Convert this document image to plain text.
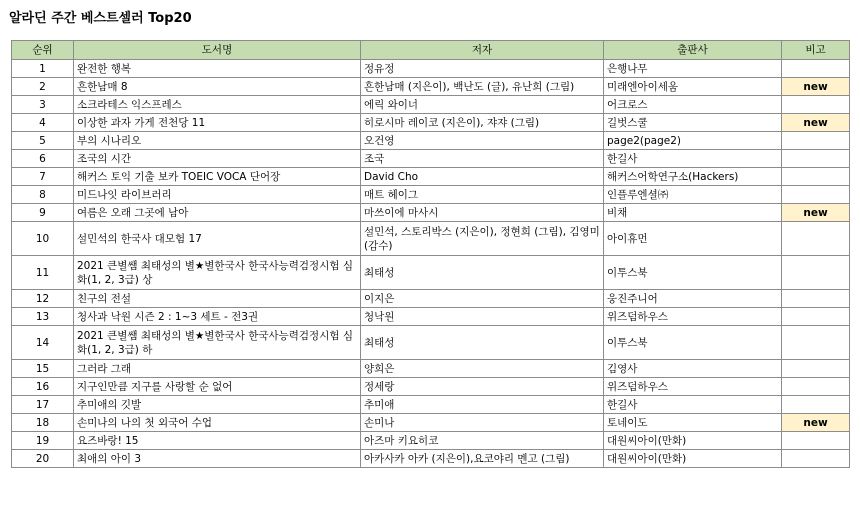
알라딘 주간 베스트셀러 Top20
순위	도서명	저자	출판사	비고
1	완전한 행복	정유정	은행나무	
2	흔한남매 8	흔한남매 (지은이), 백난도 (글), 유난희 (그림)	미래엔아이세움	new
3	소크라테스 익스프레스	에릭 와이너	어크로스	
4	이상한 과자 가게 전천당 11	히로시마 레이코 (지은이), 쟈쟈 (그림)	길벗스쿨	new
5	부의 시나리오	오건영	page2(page2)	
6	조국의 시간	조국	한길사	
7	해커스 토익 기출 보카 TOEIC VOCA 단어장	David Cho	해커스어학연구소(Hackers)	
8	미드나잇 라이브러리	매트 헤이그	인플루엔셜㈜	
9	여름은 오래 그곳에 남아	마쓰이에 마사시	비채	new
10	설민석의 한국사 대모험 17	설민석, 스토리박스 (지은이), 정현희 (그림), 김영미 (감수)	아이휴먼	
11	2021 큰별쌤 최태성의 별★별한국사 한국사능력검정시험 심화(1, 2, 3급) 상	최태성	이투스북	
12	친구의 전설	이지은	웅진주니어	
13	청사과 낙원 시즌 2 : 1~3 세트 - 전3권	청낙원	위즈덤하우스	
14	2021 큰별쌤 최태성의 별★별한국사 한국사능력검정시험 심화(1, 2, 3급) 하	최태성	이투스북	
15	그러라 그래	양희은	김영사	
16	지구인만큼 지구를 사랑할 순 없어	정세랑	위즈덤하우스	
17	추미애의 깃발	추미애	한길사	
18	손미나의 나의 첫 외국어 수업	손미나	토네이도	new
19	요즈바랑! 15	아즈마 키요히코	대원씨아이(만화)	
20	최애의 아이 3	아카사카 아카 (지은이),요코야리 멘고 (그림)	대원씨아이(만화)	
